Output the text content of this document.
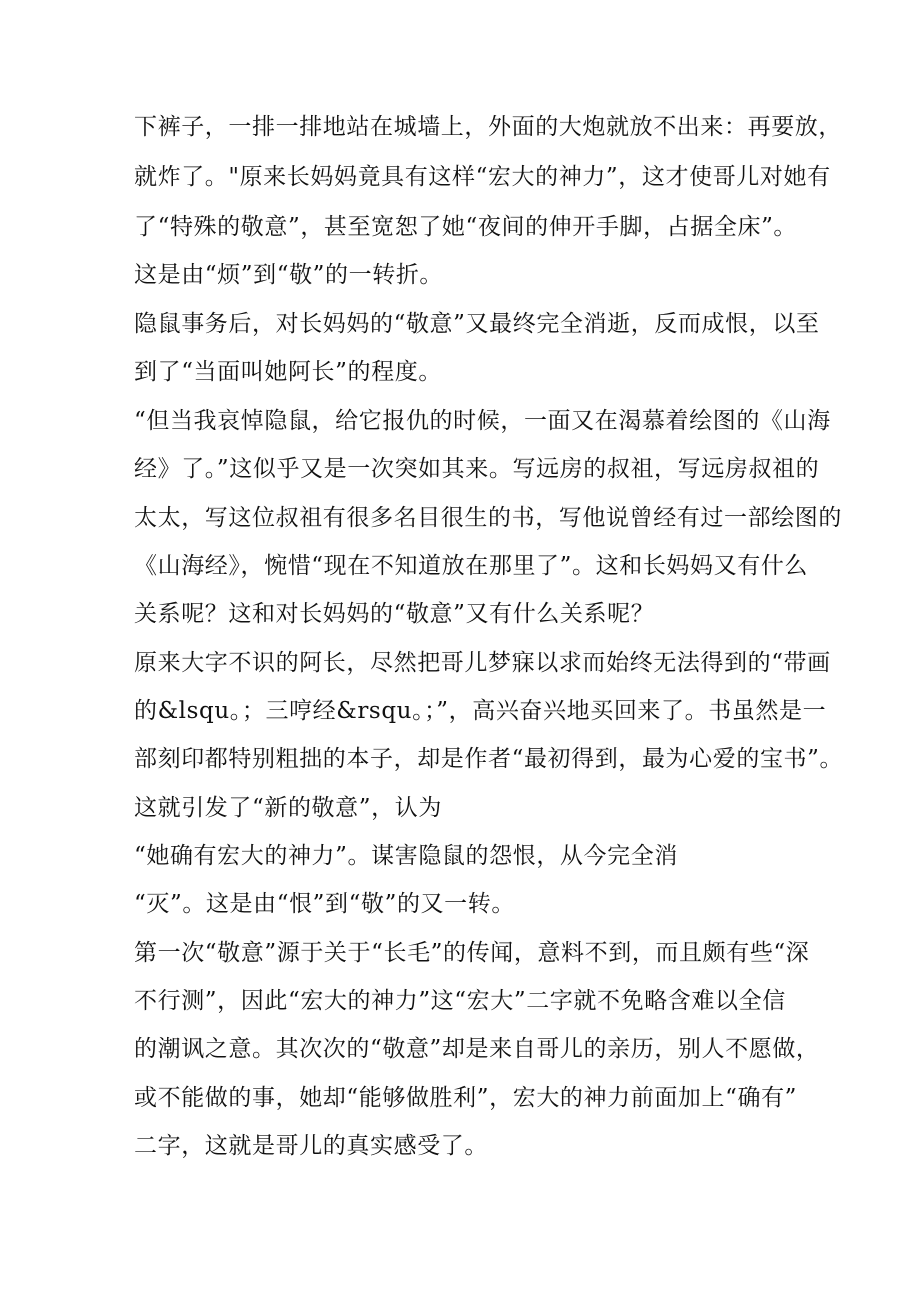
下裤子，一排一排地站在城墙上，外面的大炮就放不出来：再要放，
就炸了。"原来长妈妈竟具有这样“宏大的神力”，这才使哥儿对她有
了“特殊的敬意”，甚至宽恕了她“夜间的伸开手脚，占据全床”。
这是由“烦”到“敬”的一转折。
隐鼠事务后，对长妈妈的“敬意”又最终完全消逝，反而成恨，以至
到了“当面叫她阿长”的程度。
“但当我哀悼隐鼠，给它报仇的时候，一面又在渴慕着绘图的《山海
经》了。”这似乎又是一次突如其来。写远房的叔祖，写远房叔祖的
太太，写这位叔祖有很多名目很生的书，写他说曾经有过一部绘图的
《山海经》，惋惜“现在不知道放在那里了”。这和长妈妈又有什么
关系呢？这和对长妈妈的“敬意”又有什么关系呢？
原来大字不识的阿长，尽然把哥儿梦寐以求而始终无法得到的“带画
的&lsqu。；三哼经&rsqu。；”，高兴奋兴地买回来了。书虽然是一
部刻印都特别粗拙的本子，却是作者“最初得到，最为心爱的宝书”。
这就引发了“新的敬意”，认为
“她确有宏大的神力”。谋害隐鼠的怨恨，从今完全消
“灭”。这是由“恨”到“敬”的又一转。
第一次“敬意”源于关于“长毛”的传闻，意料不到，而且颇有些“深
不行测”，因此“宏大的神力”这“宏大”二字就不免略含难以全信
的潮讽之意。其次次的“敬意”却是来自哥儿的亲历，别人不愿做，
或不能做的事，她却“能够做胜利”，宏大的神力前面加上“确有”
二字，这就是哥儿的真实感受了。
